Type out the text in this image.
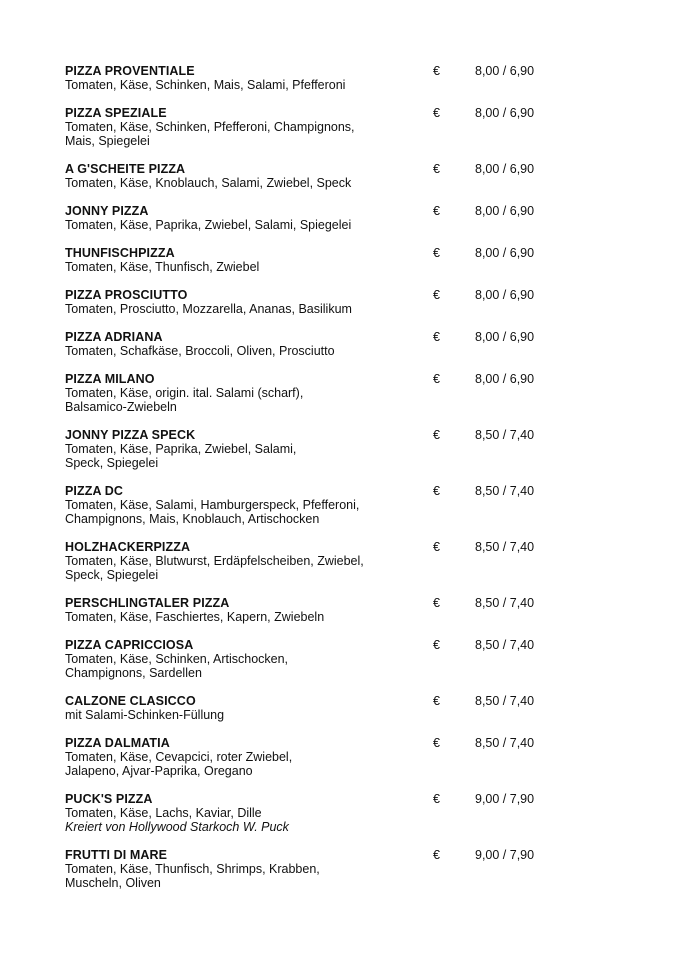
PIZZA PROVENTIALE
Tomaten, Käse, Schinken, Mais, Salami, Pfefferoni
€	8,00 / 6,90
PIZZA SPEZIALE
Tomaten, Käse, Schinken, Pfefferoni, Champignons, Mais, Spiegelei
€	8,00 / 6,90
A G'SCHEITE PIZZA
Tomaten, Käse, Knoblauch, Salami, Zwiebel, Speck
€	8,00 / 6,90
JONNY PIZZA
Tomaten, Käse, Paprika, Zwiebel, Salami, Spiegelei
€	8,00 / 6,90
THUNFISCHPIZZA
Tomaten, Käse, Thunfisch, Zwiebel
€	8,00 / 6,90
PIZZA PROSCIUTTO
Tomaten, Prosciutto, Mozzarella, Ananas, Basilikum
€	8,00 / 6,90
PIZZA ADRIANA
Tomaten, Schafkäse, Broccoli, Oliven, Prosciutto
€	8,00 / 6,90
PIZZA MILANO
Tomaten, Käse, origin. ital. Salami (scharf), Balsamico-Zwiebeln
€	8,00 / 6,90
JONNY PIZZA SPECK
Tomaten, Käse, Paprika, Zwiebel, Salami, Speck, Spiegelei
€	8,50 / 7,40
PIZZA DC
Tomaten, Käse, Salami, Hamburgerspeck, Pfefferoni, Champignons, Mais, Knoblauch, Artischocken
€	8,50 / 7,40
HOLZHACKERPIZZA
Tomaten, Käse, Blutwurst, Erdäpfelscheiben, Zwiebel, Speck, Spiegelei
€	8,50 / 7,40
PERSCHLINGTALER PIZZA
Tomaten, Käse, Faschiertes, Kapern, Zwiebeln
€	8,50 / 7,40
PIZZA CAPRICCIOSA
Tomaten, Käse, Schinken, Artischocken, Champignons, Sardellen
€	8,50 / 7,40
CALZONE CLASICCO
mit Salami-Schinken-Füllung
€	8,50 / 7,40
PIZZA DALMATIA
Tomaten, Käse, Cevapcici, roter Zwiebel, Jalapeno, Ajvar-Paprika, Oregano
€	8,50 / 7,40
PUCK'S PIZZA
Tomaten, Käse, Lachs, Kaviar, Dille
Kreiert von Hollywood Starkoch W. Puck
€	9,00 / 7,90
FRUTTI DI MARE
Tomaten, Käse, Thunfisch, Shrimps, Krabben, Muscheln, Oliven
€	9,00 / 7,90
